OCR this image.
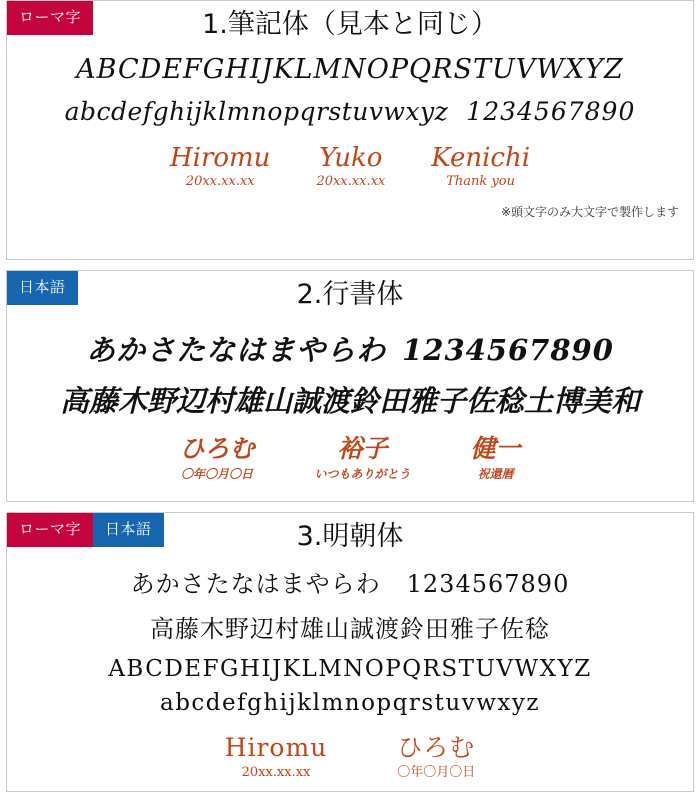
ローマ字	1.筆記体（見本と同じ）
ABCDEFGHIJKLMNOPQRSTUVWXYZ
abcdefghijklmnopqrstuvwxyz 1234567890
Hiromu
20xx.xx.xx
Yuko
20xx.xx.xx
Kenichi
Thank you
※頭文字のみ大文字で製作します
日本語	2.行書体
あかさたなはまやらわ 1234567890
高藤木野辺村雄山誠渡鈴田雅子佐稔土博美和
ひろむ
〇年〇月〇日
裕子
いつもありがとう
健一
祝還暦
ローマ字	日本語	3.明朝体
あかさたなはまやらわ 1234567890
高藤木野辺村雄山誠渡鈴田雅子佐稔
ABCDEFGHIJKLMNOPQRSTUVWXYZ
abcdefghijklmnopqrstuvwxyz
Hiromu
20xx.xx.xx
ひろむ
〇年〇月〇日
